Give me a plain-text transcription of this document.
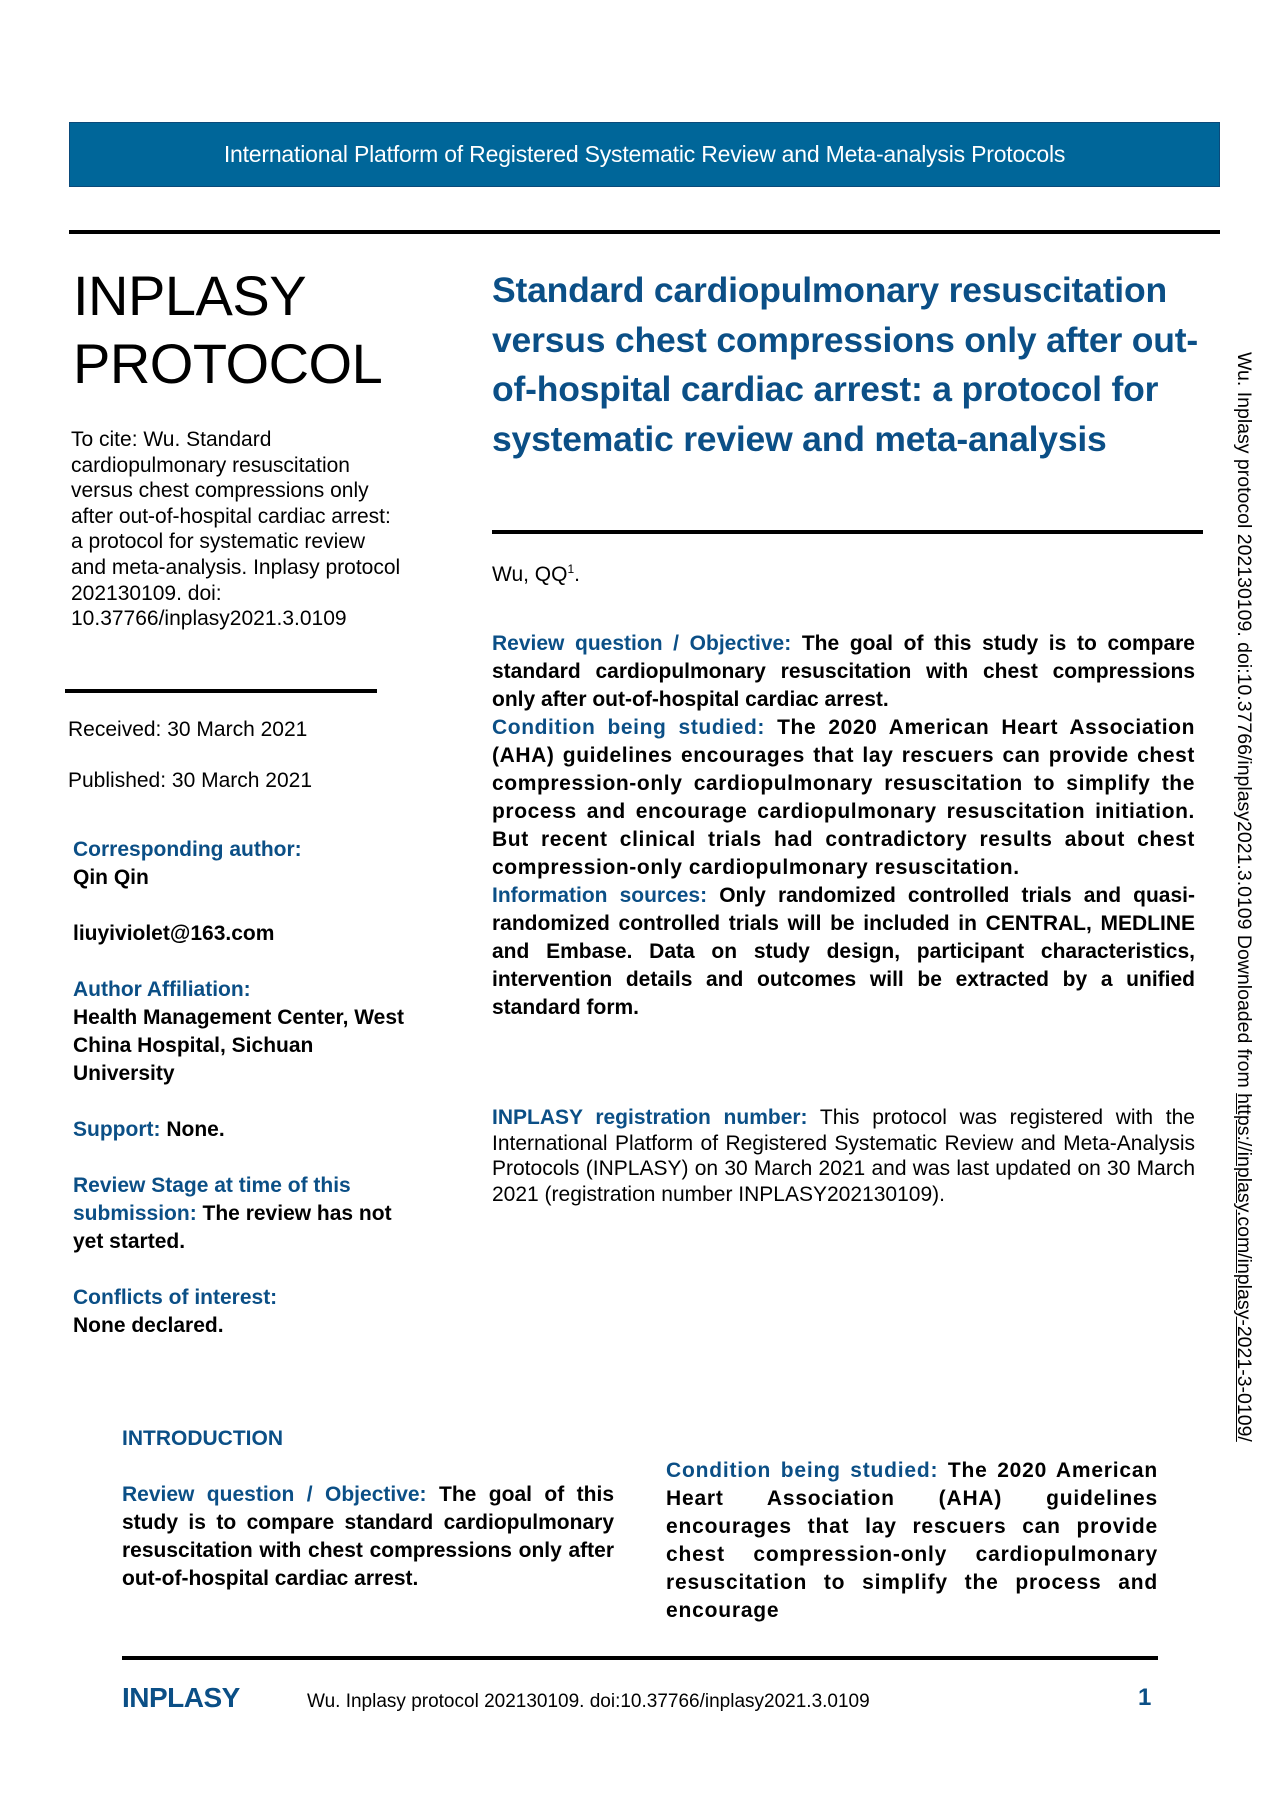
International Platform of Registered Systematic Review and Meta-analysis Protocols
INPLASY
PROTOCOL
To cite: Wu. Standard cardiopulmonary resuscitation versus chest compressions only after out-of-hospital cardiac arrest: a protocol for systematic review and meta-analysis. Inplasy protocol 202130109. doi: 10.37766/inplasy2021.3.0109
Received: 30 March 2021
Published: 30 March 2021

Corresponding author:

Qin Qin

liuyiviolet@163.com

Author Affiliation:

Health Management Center, West China Hospital, Sichuan University

Support: None.

Review Stage at time of this submission: The review has not yet started.

Conflicts of interest:

None declared.

Standard cardiopulmonary resuscitation versus chest compressions only after out-of-hospital cardiac arrest: a protocol for systematic review and meta-analysis
Wu, $QQ^1$.

Review question / Objective: The goal of this study is to compare standard cardiopulmonary resuscitation with chest compressions only after out-of-hospital cardiac arrest.

Condition being studied: The 2020 American Heart Association (AHA) guidelines encourages that lay rescuers can provide chest compression-only cardiopulmonary resuscitation to simplify the process and encourage cardiopulmonary resuscitation initiation. But recent clinical trials had contradictory results about chest compression-only cardiopulmonary resuscitation.

Information sources: Only randomized controlled trials and quasi-randomized controlled trials will be included in CENTRAL, MEDLINE and Embase. Data on study design, participant characteristics, intervention details and outcomes will be extracted by a unified standard form.

INPLASY registration number: This protocol was registered with the International Platform of Registered Systematic Review and Meta-Analysis Protocols (INPLASY) on 30 March 2021 and was last updated on 30 March 2021 (registration number INPLASY202130109).
INTRODUCTION
Review question / Objective: The goal of this study is to compare standard cardiopulmonary resuscitation with chest compressions only after out-of-hospital cardiac arrest.
Condition being studied: The 2020 American Heart Association (AHA) guidelines encourages that lay rescuers can provide chest compression-only cardiopulmonary resuscitation to simplify the process and encourage
Wu. Inplasy protocol 202130109. doi:10.37766/inplasy2021.3.0109 Downloaded from https://inplasy.com/inplasy-2021-3-0109/
INPLASY	Wu. Inplasy protocol 202130109. doi:10.37766/inplasy2021.3.0109	1
